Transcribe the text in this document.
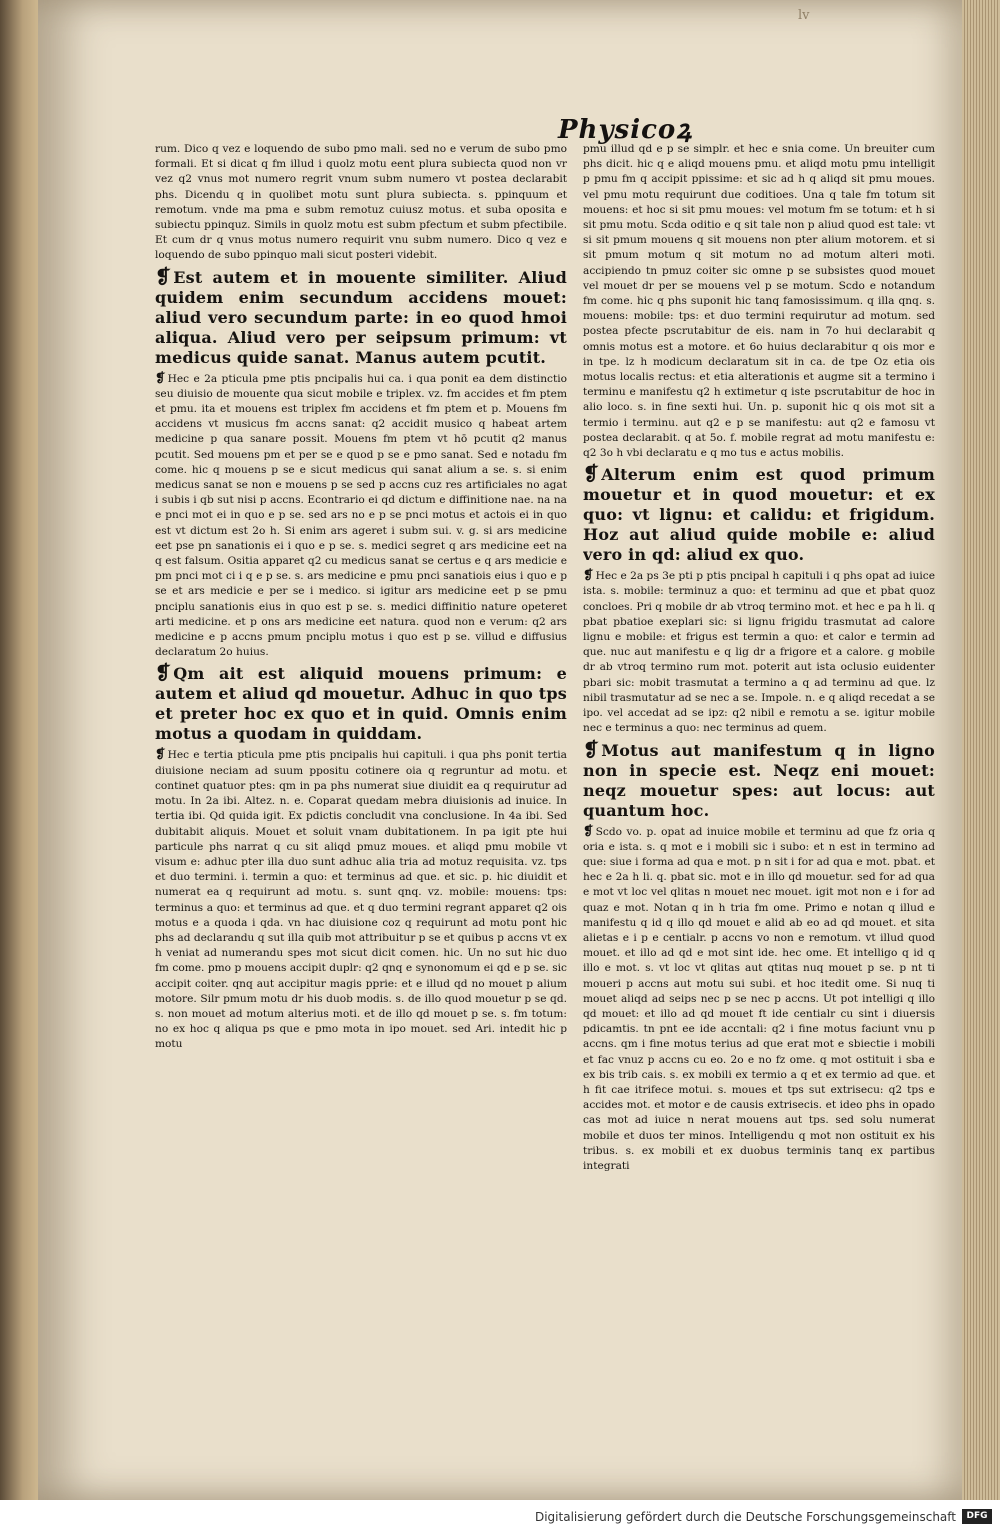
lv
Physicoꝝ

rum. Dico q vez e loquendo de subo pmo mali. sed no e verum de subo pmo formali. Et si dicat q fm illud i quolz motu eent plura subiecta quod non vr vez q2 vnus mot numero regrit vnum subm numero vt postea declarabit phs. Dicendu q in quolibet motu sunt plura subiecta. s. ppinquum et remotum. vnde ma pma e subm remotuz cuiusz motus. et suba oposita e subiectu ppinquz. Simils in quolz motu est subm pfectum et subm pfectibile. Et cum dr q vnus motus numero requirit vnu subm numero. Dico q vez e loquendo de subo ppinquo mali sicut posteri videbit.

❡ Est autem et in mouente similiter. Aliud quidem enim secundum accidens mouet: aliud vero secundum parte: in eo quod hmoi aliqua. Aliud vero per seipsum primum: vt medicus quide sanat. Manus autem pcutit.

❡ Hec e 2a pticula pme ptis pncipalis hui ca. i qua ponit ea dem distinctio seu diuisio de mouente qua sicut mobile e triplex. vz. fm accides et fm ptem et pmu. ita et mouens est triplex fm accidens et fm ptem et p. Mouens fm accidens vt musicus fm accns sanat: q2 accidit musico q habeat artem medicine p qua sanare possit. Mouens fm ptem vt hō pcutit q2 manus pcutit. Sed mouens pm et per se e quod p se e pmo sanat. Sed e notadu fm come. hic q mouens p se e sicut medicus qui sanat alium a se. s. si enim medicus sanat se non e mouens p se sed p accns cuz res artificiales no agat i subis i qb sut nisi p accns. Econtrario ei qd dictum e diffinitione nae. na na e pnci mot ei in quo e p se. sed ars no e p se pnci motus et actois ei in quo est vt dictum est 2o h. Si enim ars ageret i subm sui. v. g. si ars medicine eet pse pn sanationis ei i quo e p se. s. medici segret q ars medicine eet na q est falsum. Ositia apparet q2 cu medicus sanat se certus e q ars medicie e pm pnci mot ci i q e p se. s. ars medicine e pmu pnci sanatiois eius i quo e p se et ars medicie e per se i medico. si igitur ars medicine eet p se pmu pnciplu sanationis eius in quo est p se. s. medici diffinitio nature opeteret arti medicine. et p ons ars medicine eet natura. quod non e verum: q2 ars medicine e p accns pmum pnciplu motus i quo est p se. villud e diffusius declaratum 2o huius.

❡ Qm ait est aliquid mouens primum: e autem et aliud qd mouetur. Adhuc in quo tps et preter hoc ex quo et in quid. Omnis enim motus a quodam in quiddam.

❡ Hec e tertia pticula pme ptis pncipalis hui capituli. i qua phs ponit tertia diuisione neciam ad suum ppositu cotinere oia q regruntur ad motu. et continet quatuor ptes: qm in pa phs numerat siue diuidit ea q requirutur ad motu. In 2a ibi. Altez. n. e. Coparat quedam mebra diuisionis ad inuice. In tertia ibi. Qd quida igit. Ex pdictis concludit vna conclusione. In 4a ibi. Sed dubitabit aliquis. Mouet et soluit vnam dubitationem. In pa igit pte hui particule phs narrat q cu sit aliqd pmuz moues. et aliqd pmu mobile vt visum e: adhuc pter illa duo sunt adhuc alia tria ad motuz requisita. vz. tps et duo termini. i. termin a quo: et terminus ad que. et sic. p. hic diuidit et numerat ea q requirunt ad motu. s. sunt qnq. vz. mobile: mouens: tps: terminus a quo: et terminus ad que. et q duo termini regrant apparet q2 ois motus e a quoda i qda. vn hac diuisione coz q requirunt ad motu pont hic phs ad declarandu q sut illa quib mot attribuitur p se et quibus p accns vt ex h veniat ad numerandu spes mot sicut dicit comen. hic. Un no sut hic duo fm come. pmo p mouens accipit duplr: q2 qnq e synonomum ei qd e p se. sic accipit coiter. qnq aut accipitur magis pprie: et e illud qd no mouet p alium motore. Silr pmum motu dr his duob modis. s. de illo quod mouetur p se qd. s. non mouet ad motum alterius moti. et de illo qd mouet p se. s. fm totum: no ex hoc q aliqua ps que e pmo mota in ipo mouet. sed Ari. intedit hic p motu

pmu illud qd e p se simplr. et hec e snia come. Un breuiter cum phs dicit. hic q e aliqd mouens pmu. et aliqd motu pmu intelligit p pmu fm q accipit ppissime: et sic ad h q aliqd sit pmu moues. vel pmu motu requirunt due coditioes. Una q tale fm totum sit mouens: et hoc si sit pmu moues: vel motum fm se totum: et h si sit pmu motu. Scda oditio e q sit tale non p aliud quod est tale: vt si sit pmum mouens q sit mouens non pter alium motorem. et si sit pmum motum q sit motum no ad motum alteri moti. accipiendo tn pmuz coiter sic omne p se subsistes quod mouet vel mouet dr per se mouens vel p se motum. Scdo e notandum fm come. hic q phs suponit hic tanq famosissimum. q illa qnq. s. mouens: mobile: tps: et duo termini requirutur ad motum. sed postea pfecte pscrutabitur de eis. nam in 7o hui declarabit q omnis motus est a motore. et 6o huius declarabitur q ois mor e in tpe. lz h modicum declaratum sit in ca. de tpe Oz etia ois motus localis rectus: et etia alterationis et augme sit a termino i terminu e manifestu q2 h extimetur q iste pscrutabitur de hoc in alio loco. s. in fine sexti hui. Un. p. suponit hic q ois mot sit a termio i terminu. aut q2 e p se manifestu: aut q2 e famosu vt postea declarabit. q at 5o. f. mobile regrat ad motu manifestu e: q2 3o h vbi declaratu e q mo tus e actus mobilis.

❡ Alterum enim est quod primum mouetur et in quod mouetur: et ex quo: vt lignu: et calidu: et frigidum. Hoz aut aliud quide mobile e: aliud vero in qd: aliud ex quo.

❡ Hec e 2a ps 3e pti p ptis pncipal h capituli i q phs opat ad iuice ista. s. mobile: terminuz a quo: et terminu ad que et pbat quoz concloes. Pri q mobile dr ab vtroq termino mot. et hec e pa h li. q pbat pbatioe exeplari sic: si lignu frigidu trasmutat ad calore lignu e mobile: et frigus est termin a quo: et calor e termin ad que. nuc aut manifestu e q lig dr a frigore et a calore. g mobile dr ab vtroq termino rum mot. poterit aut ista oclusio euidenter pbari sic: mobit trasmutat a termino a q ad terminu ad que. lz nibil trasmutatur ad se nec a se. Impole. n. e q aliqd recedat a se ipo. vel accedat ad se ipz: q2 nibil e remotu a se. igitur mobile nec e terminus a quo: nec terminus ad quem.

❡ Motus aut manifestum q in ligno non in specie est. Neqz eni mouet: neqz mouetur spes: aut locus: aut quantum hoc.

❡ Scdo vo. p. opat ad inuice mobile et terminu ad que fz oria q oria e ista. s. q mot e i mobili sic i subo: et n est in termino ad que: siue i forma ad qua e mot. p n sit i for ad qua e mot. pbat. et hec e 2a h li. q. pbat sic. mot e in illo qd mouetur. sed for ad qua e mot vt loc vel qlitas n mouet nec mouet. igit mot non e i for ad quaz e mot. Notan q in h tria fm ome. Primo e notan q illud e manifestu q id q illo qd mouet e alid ab eo ad qd mouet. et sita alietas e i p e centialr. p accns vo non e remotum. vt illud quod mouet. et illo ad qd e mot sint ide. hec ome. Et intelligo q id q illo e mot. s. vt loc vt qlitas aut qtitas nuq mouet p se. p nt ti moueri p accns aut motu sui subi. et hoc itedit ome. Si nuq ti mouet aliqd ad seips nec p se nec p accns. Ut pot intelligi q illo qd mouet: et illo ad qd mouet ft ide centialr cu sint i diuersis pdicamtis. tn pnt ee ide accntali: q2 i fine motus faciunt vnu p accns. qm i fine motus terius ad que erat mot e sbiectie i mobili et fac vnuz p accns cu eo. 2o e no fz ome. q mot ostituit i sba e ex bis trib cais. s. ex mobili ex termio a q et ex termio ad que. et h fit cae itrifece motui. s. moues et tps sut extrisecu: q2 tps e accides mot. et motor e de causis extrisecis. et ideo phs in opado cas mot ad iuice n nerat mouens aut tps. sed solu numerat mobile et duos ter minos. Intelligendu q mot non ostituit ex his tribus. s. ex mobili et ex duobus terminis tanq ex partibus integrati

Digitalisierung gefördert durch die Deutsche Forschungsgemeinschaft	DFG
